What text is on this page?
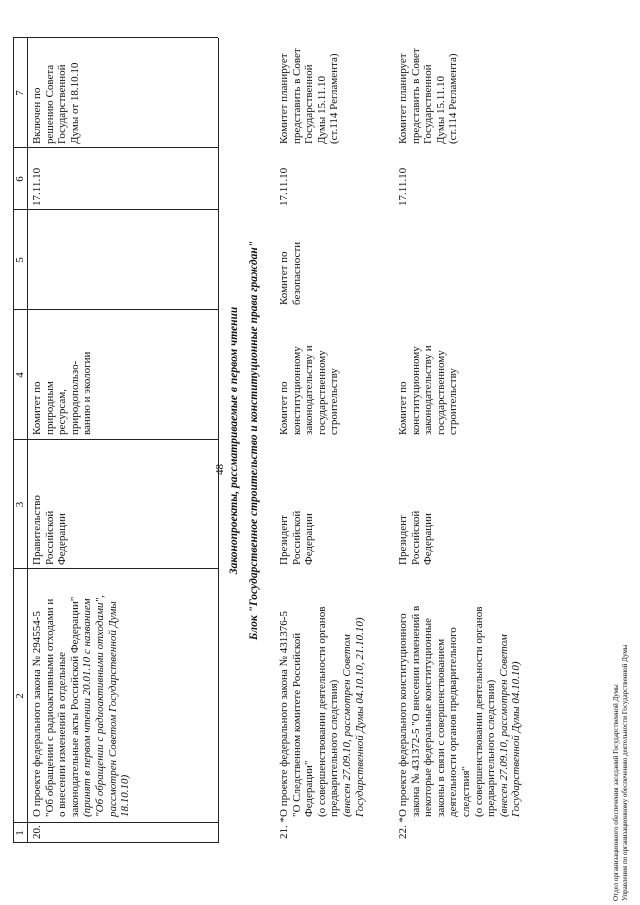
48
1
2
3
4
5
6
7
20.
О проекте федерального закона № 294554-5 "Об обращении с радиоактивными отходами и о внесении изменений в отдельные законодательные акты Российской Федерации" (принят в первом чтении 20.01.10 с названием "Об обращении с радиоактивными отходами", рассмотрен Советом Государственной Думы 18.10.10)
Правительство Российской Федерации
Комитет по природным ресурсам, природопользо- ванию и экологии
17.11.10
Включен по решению Совета Государственной Думы от 18.10.10
Законопроекты, рассматриваемые в первом чтении Блок "Государственное строительство и конституционные права граждан"
21. *
О проекте федерального закона № 431376-5 "О Следственном комитете Российской Федерации" (о совершенствовании деятельности органов предварительного следствия) (внесен 27.09.10, рассмотрен Советом Государственной Думы 04.10.10, 21.10.10)
Президент Российской Федерации
Комитет по конституционному законодательству и государственному строительству
Комитет по безопасности
17.11.10
Комитет планирует представить в Совет Государственной Думы 15.11.10 (ст.114 Регламента)
22. *
О проекте федерального конституционного закона № 431372-5 "О внесении изменений в некоторые федеральные конституционные законы в связи с совершенствованием деятельности органов предварительного следствия" (о совершенствовании деятельности органов предварительного следствия) (внесен 27.09.10, рассмотрен Советом Государственной Думы 04.10.10)
Президент Российской Федерации
Комитет по конституционному законодательству и государственному строительству
17.11.10
Комитет планирует представить в Совет Государственной Думы 15.11.10 (ст.114 Регламента)
Отдел организационного обеспечения заседаний Государственной Думы Управления по организационному обеспечению деятельности Государственной Думы
